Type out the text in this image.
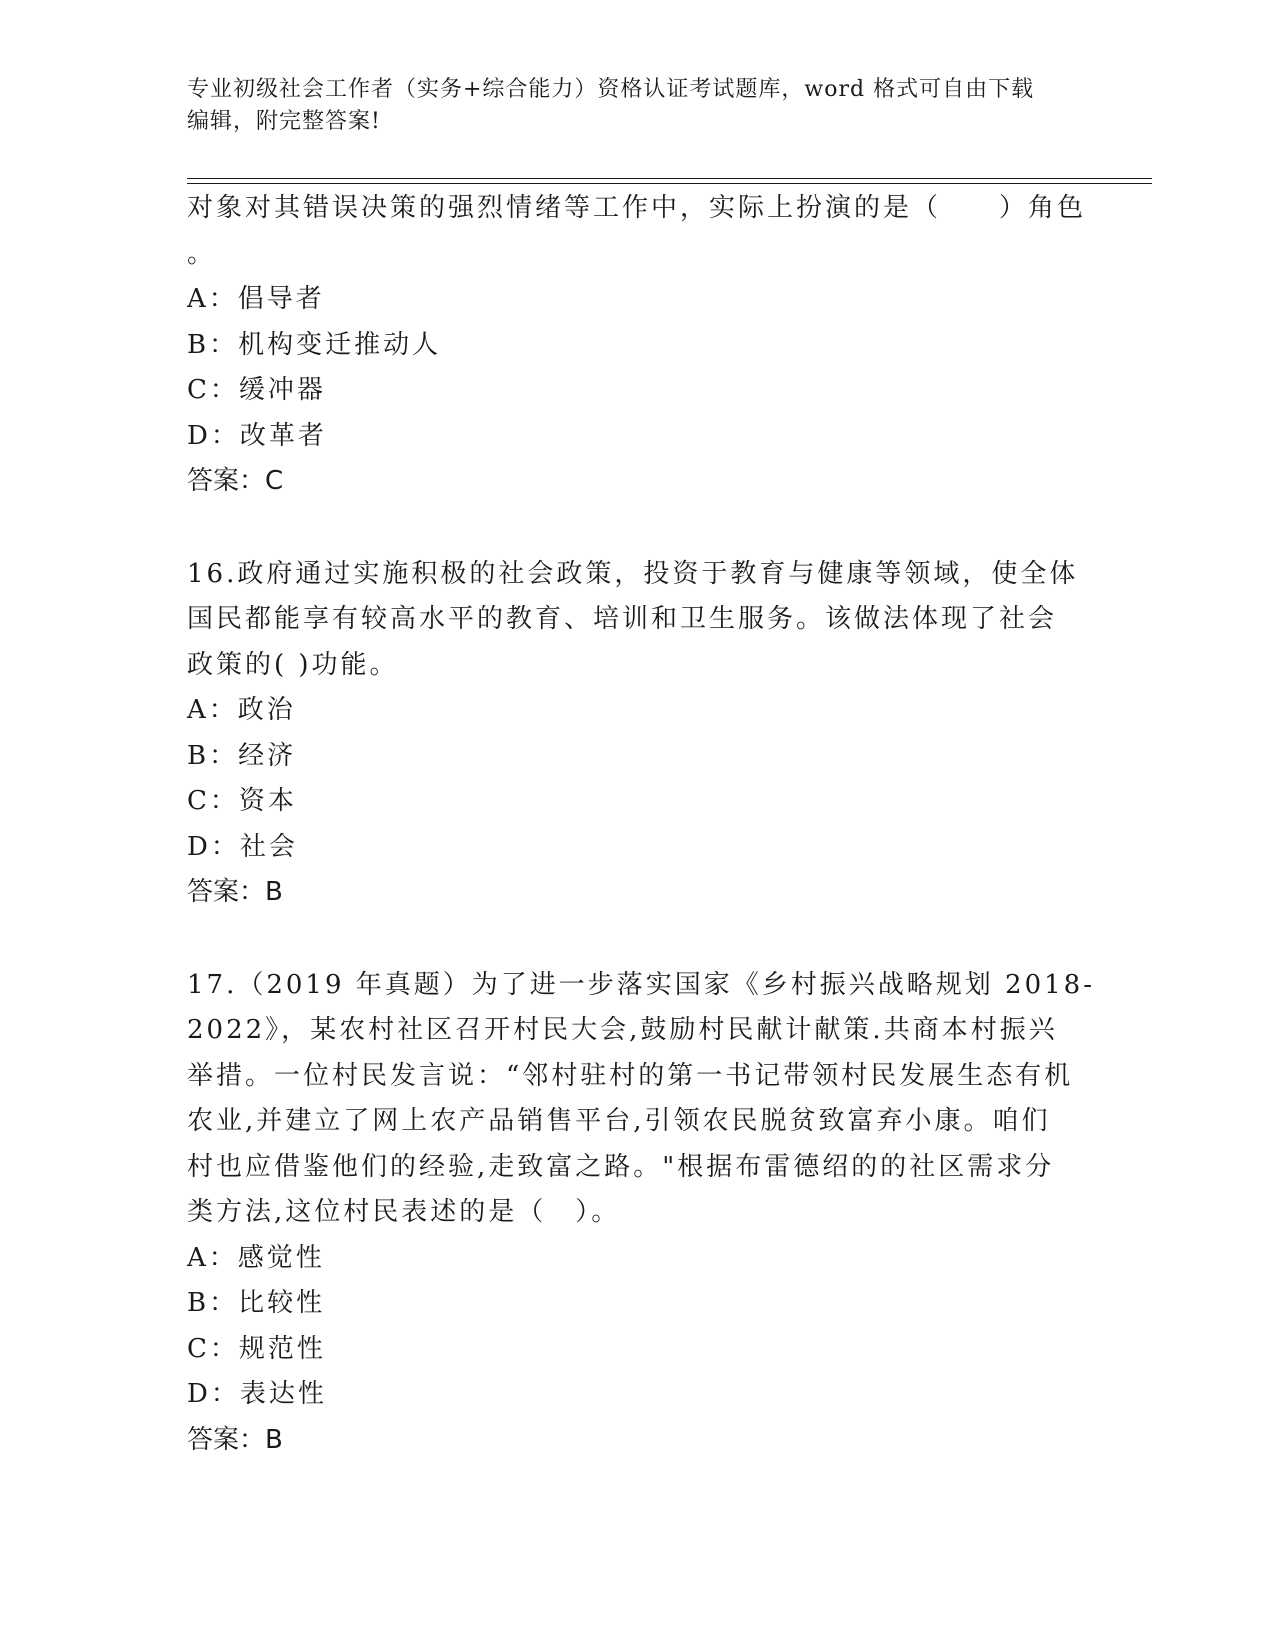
专业初级社会工作者（实务+综合能力）资格认证考试题库，word 格式可自由下载
编辑，附完整答案!
对象对其错误决策的强烈情绪等工作中，实际上扮演的是（　　）角色
。
A：倡导者
B：机构变迁推动人
C：缓冲器
D：改革者
答案：C
16.政府通过实施积极的社会政策，投资于教育与健康等领域，使全体
国民都能享有较高水平的教育、培训和卫生服务。该做法体现了社会
政策的( )功能。
A：政治
B：经济
C：资本
D：社会
答案：B
17.（2019 年真题）为了进一步落实国家《乡村振兴战略规划 2018-
2022》，某农村社区召开村民大会,鼓励村民献计献策.共商本村振兴
举措。一位村民发言说：“邻村驻村的第一书记带领村民发展生态有机
农业,并建立了网上农产品销售平台,引领农民脱贫致富弃小康。咱们
村也应借鉴他们的经验,走致富之路。"根据布雷德绍的的社区需求分
类方法,这位村民表述的是（　）。
A：感觉性
B：比较性
C：规范性
D：表达性
答案：B
